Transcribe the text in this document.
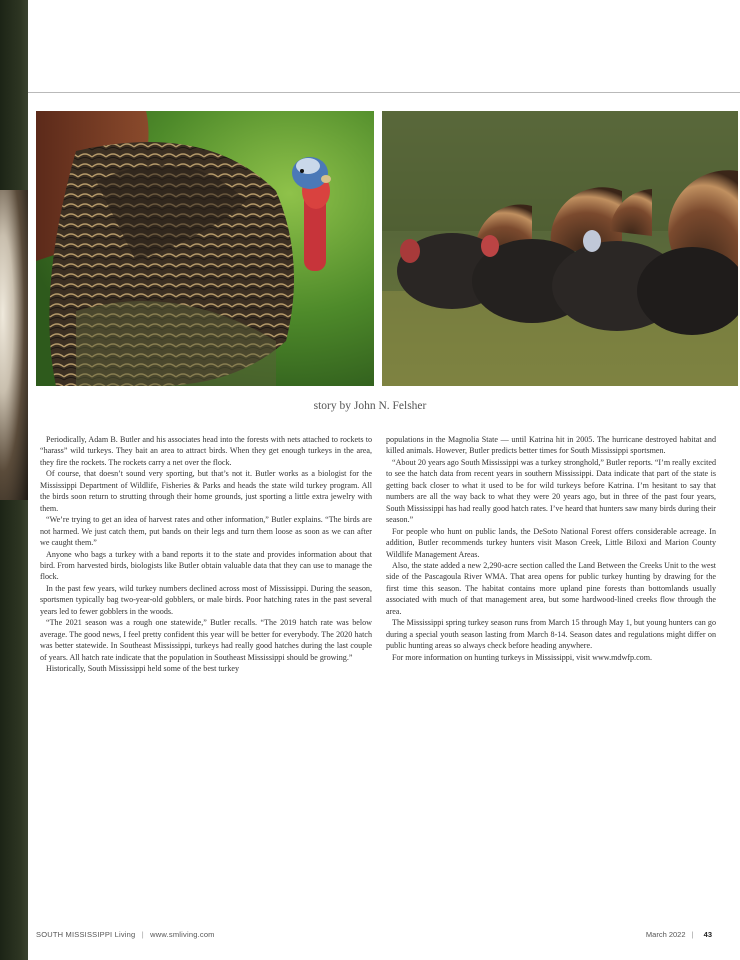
story by John N. Felsher

Periodically, Adam B. Butler and his associates head into the forests with nets attached to rockets to “harass” wild turkeys. They bait an area to attract birds. When they get enough turkeys in the area, they fire the rockets. The rockets carry a net over the flock.

Of course, that doesn’t sound very sporting, but that’s not it. Butler works as a biologist for the Mississippi Department of Wildlife, Fisheries & Parks and heads the state wild turkey program. All the birds soon return to strutting through their home grounds, just sporting a little extra jewelry with them.

“We’re trying to get an idea of harvest rates and other information,” Butler explains. “The birds are not harmed. We just catch them, put bands on their legs and turn them loose as soon as we can after we caught them.”

Anyone who bags a turkey with a band reports it to the state and provides information about that bird. From harvested birds, biologists like Butler obtain valuable data that they can use to manage the flock.

In the past few years, wild turkey numbers declined across most of Mississippi. During the season, sportsmen typically bag two-year-old gobblers, or male birds. Poor hatching rates in the past several years led to fewer gobblers in the woods.

“The 2021 season was a rough one statewide,” Butler recalls. “The 2019 hatch rate was below average. The good news, I feel pretty confident this year will be better for everybody. The 2020 hatch was better statewide. In Southeast Mississippi, turkeys had really good hatches during the last couple of years. All hatch rate indicate that the population in Southeast Mississippi should be growing.”

Historically, South Mississippi held some of the best turkey

populations in the Magnolia State — until Katrina hit in 2005. The hurricane destroyed habitat and killed animals. However, Butler predicts better times for South Mississippi sportsmen.

“About 20 years ago South Mississippi was a turkey stronghold,” Butler reports. “I’m really excited to see the hatch data from recent years in southern Mississippi. Data indicate that part of the state is getting back closer to what it used to be for wild turkeys before Katrina. I’m hesitant to say that numbers are all the way back to what they were 20 years ago, but in three of the past four years, South Mississippi has had really good hatch rates. I’ve heard that hunters saw many birds during their season.”

For people who hunt on public lands, the DeSoto National Forest offers considerable acreage. In addition, Butler recommends turkey hunters visit Mason Creek, Little Biloxi and Marion County Wildlife Management Areas.

Also, the state added a new 2,290-acre section called the Land Between the Creeks Unit to the west side of the Pascagoula River WMA. That area opens for public turkey hunting by drawing for the first time this season. The habitat contains more upland pine forests than bottomlands usually associated with much of that management area, but some hardwood-lined creeks flow through the area.

The Mississippi spring turkey season runs from March 15 through May 1, but young hunters can go during a special youth season lasting from March 8-14. Season dates and regulations might differ on public hunting areas so always check before heading anywhere.

For more information on hunting turkeys in Mississippi, visit www.mdwfp.com.

SOUTH MISSISSIPPI Living | www.smliving.com	March 2022 | 43
